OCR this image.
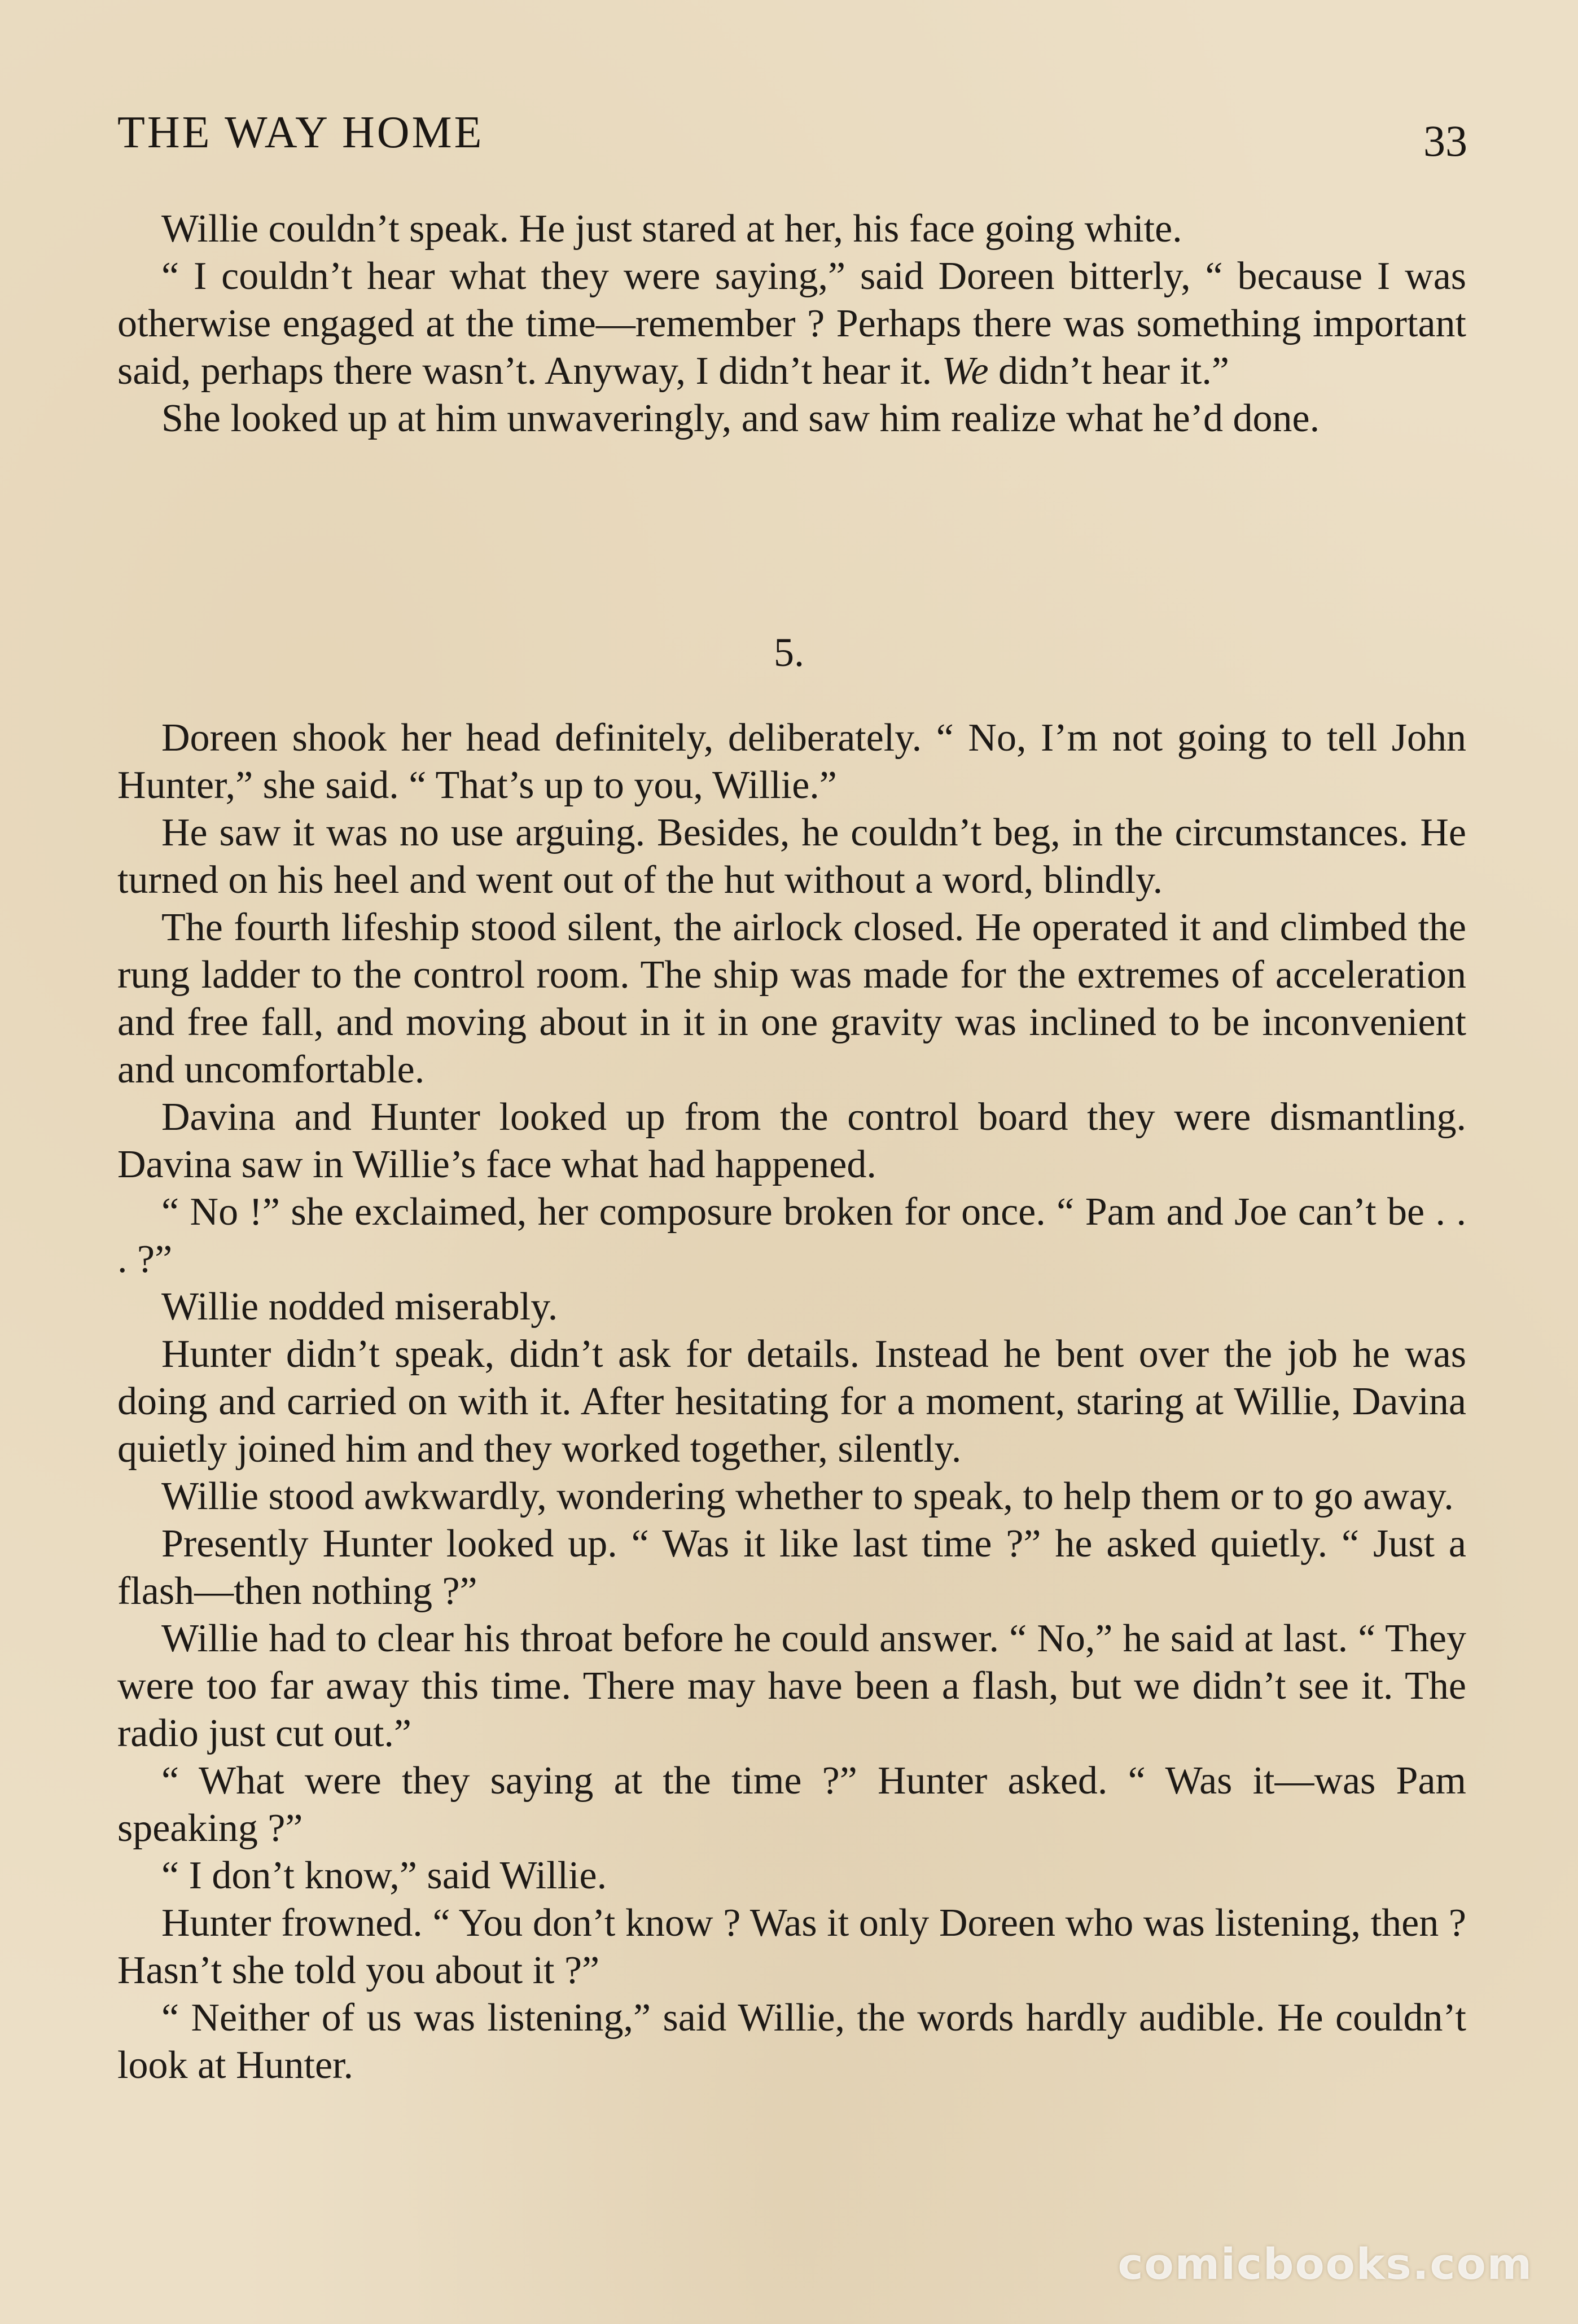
THE WAY HOME	33

Willie couldn’t speak. He just stared at her, his face going white.

“ I couldn’t hear what they were saying,” said Doreen bitterly, “ because I was otherwise engaged at the time—remember ? Perhaps there was something important said, perhaps there wasn’t. Anyway, I didn’t hear it. We didn’t hear it.”

She looked up at him unwaveringly, and saw him realize what he’d done.

5.

Doreen shook her head definitely, deliberately. “ No, I’m not going to tell John Hunter,” she said. “ That’s up to you, Willie.”

He saw it was no use arguing. Besides, he couldn’t beg, in the circumstances. He turned on his heel and went out of the hut without a word, blindly.

The fourth lifeship stood silent, the airlock closed. He operated it and climbed the rung ladder to the control room. The ship was made for the extremes of acceleration and free fall, and moving about in it in one gravity was inclined to be inconvenient and uncomfortable.

Davina and Hunter looked up from the control board they were dismantling. Davina saw in Willie’s face what had happened.

“ No !” she exclaimed, her composure broken for once. “ Pam and Joe can’t be . . . ?”

Willie nodded miserably.

Hunter didn’t speak, didn’t ask for details. Instead he bent over the job he was doing and carried on with it. After hesitating for a moment, staring at Willie, Davina quietly joined him and they worked together, silently.

Willie stood awkwardly, wondering whether to speak, to help them or to go away.

Presently Hunter looked up. “ Was it like last time ?” he asked quietly. “ Just a flash—then nothing ?”

Willie had to clear his throat before he could answer. “ No,” he said at last. “ They were too far away this time. There may have been a flash, but we didn’t see it. The radio just cut out.”

“ What were they saying at the time ?” Hunter asked. “ Was it—was Pam speaking ?”

“ I don’t know,” said Willie.

Hunter frowned. “ You don’t know ? Was it only Doreen who was listening, then ? Hasn’t she told you about it ?”

“ Neither of us was listening,” said Willie, the words hardly audible. He couldn’t look at Hunter.

comicbooks.com
